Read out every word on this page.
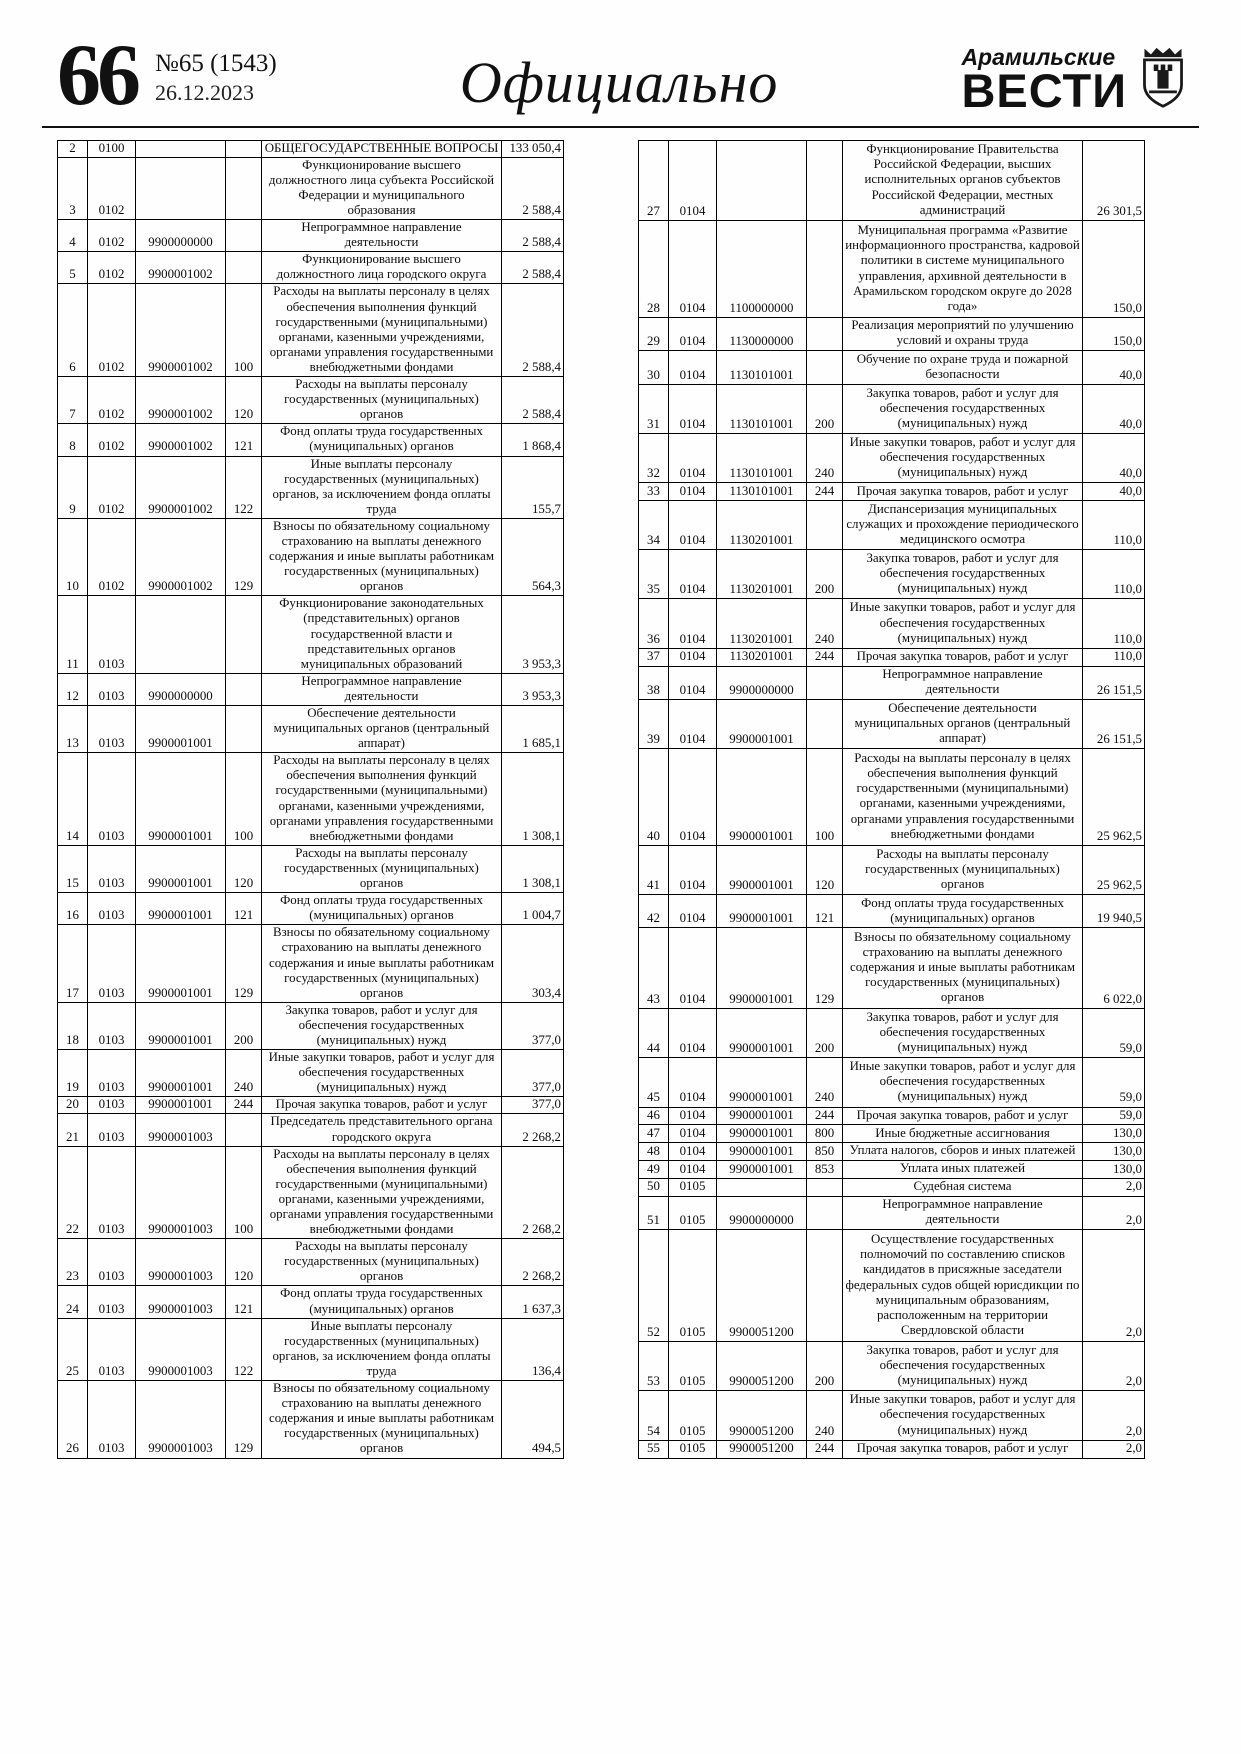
66 №65 (1543)
26.12.2023	Официально	Арамильские
ВЕСТИ
2	0100			ОБЩЕГОСУДАРСТВЕННЫЕ ВОПРОСЫ	133 050,4
3	0102			Функционирование высшего должностного лица субъекта Российской Федерации и муниципального образования	2 588,4
4	0102	9900000000		Непрограммное направление деятельности	2 588,4
5	0102	9900001002		Функционирование высшего должностного лица городского округа	2 588,4
6	0102	9900001002	100	Расходы на выплаты персоналу в целях обеспечения выполнения функций государственными (муниципальными) органами, казенными учреждениями, органами управления государственными внебюджетными фондами	2 588,4
7	0102	9900001002	120	Расходы на выплаты персоналу государственных (муниципальных) органов	2 588,4
8	0102	9900001002	121	Фонд оплаты труда государственных (муниципальных) органов	1 868,4
9	0102	9900001002	122	Иные выплаты персоналу государственных (муниципальных) органов, за исключением фонда оплаты труда	155,7
10	0102	9900001002	129	Взносы по обязательному социальному страхованию на выплаты денежного содержания и иные выплаты работникам государственных (муниципальных) органов	564,3
11	0103			Функционирование законодательных (представительных) органов государственной власти и представительных органов муниципальных образований	3 953,3
12	0103	9900000000		Непрограммное направление деятельности	3 953,3
13	0103	9900001001		Обеспечение деятельности муниципальных органов (центральный аппарат)	1 685,1
14	0103	9900001001	100	Расходы на выплаты персоналу в целях обеспечения выполнения функций государственными (муниципальными) органами, казенными учреждениями, органами управления государственными внебюджетными фондами	1 308,1
15	0103	9900001001	120	Расходы на выплаты персоналу государственных (муниципальных) органов	1 308,1
16	0103	9900001001	121	Фонд оплаты труда государственных (муниципальных) органов	1 004,7
17	0103	9900001001	129	Взносы по обязательному социальному страхованию на выплаты денежного содержания и иные выплаты работникам государственных (муниципальных) органов	303,4
18	0103	9900001001	200	Закупка товаров, работ и услуг для обеспечения государственных (муниципальных) нужд	377,0
19	0103	9900001001	240	Иные закупки товаров, работ и услуг для обеспечения государственных (муниципальных) нужд	377,0
20	0103	9900001001	244	Прочая закупка товаров, работ и услуг	377,0
21	0103	9900001003		Председатель представительного органа городского округа	2 268,2
22	0103	9900001003	100	Расходы на выплаты персоналу в целях обеспечения выполнения функций государственными (муниципальными) органами, казенными учреждениями, органами управления государственными внебюджетными фондами	2 268,2
23	0103	9900001003	120	Расходы на выплаты персоналу государственных (муниципальных) органов	2 268,2
24	0103	9900001003	121	Фонд оплаты труда государственных (муниципальных) органов	1 637,3
25	0103	9900001003	122	Иные выплаты персоналу государственных (муниципальных) органов, за исключением фонда оплаты труда	136,4
26	0103	9900001003	129	Взносы по обязательному социальному страхованию на выплаты денежного содержания и иные выплаты работникам государственных (муниципальных) органов	494,5
27	0104			Функционирование Правительства Российской Федерации, высших исполнительных органов субъектов Российской Федерации, местных администраций	26 301,5
28	0104	1100000000		Муниципальная программа «Развитие информационного пространства, кадровой политики в системе муниципального управления, архивной деятельности в Арамильском городском округе до 2028 года»	150,0
29	0104	1130000000		Реализация мероприятий по улучшению условий и охраны труда	150,0
30	0104	1130101001		Обучение по охране труда и пожарной безопасности	40,0
31	0104	1130101001	200	Закупка товаров, работ и услуг для обеспечения государственных (муниципальных) нужд	40,0
32	0104	1130101001	240	Иные закупки товаров, работ и услуг для обеспечения государственных (муниципальных) нужд	40,0
33	0104	1130101001	244	Прочая закупка товаров, работ и услуг	40,0
34	0104	1130201001		Диспансеризация муниципальных служащих и прохождение периодического медицинского осмотра	110,0
35	0104	1130201001	200	Закупка товаров, работ и услуг для обеспечения государственных (муниципальных) нужд	110,0
36	0104	1130201001	240	Иные закупки товаров, работ и услуг для обеспечения государственных (муниципальных) нужд	110,0
37	0104	1130201001	244	Прочая закупка товаров, работ и услуг	110,0
38	0104	9900000000		Непрограммное направление деятельности	26 151,5
39	0104	9900001001		Обеспечение деятельности муниципальных органов (центральный аппарат)	26 151,5
40	0104	9900001001	100	Расходы на выплаты персоналу в целях обеспечения выполнения функций государственными (муниципальными) органами, казенными учреждениями, органами управления государственными внебюджетными фондами	25 962,5
41	0104	9900001001	120	Расходы на выплаты персоналу государственных (муниципальных) органов	25 962,5
42	0104	9900001001	121	Фонд оплаты труда государственных (муниципальных) органов	19 940,5
43	0104	9900001001	129	Взносы по обязательному социальному страхованию на выплаты денежного содержания и иные выплаты работникам государственных (муниципальных) органов	6 022,0
44	0104	9900001001	200	Закупка товаров, работ и услуг для обеспечения государственных (муниципальных) нужд	59,0
45	0104	9900001001	240	Иные закупки товаров, работ и услуг для обеспечения государственных (муниципальных) нужд	59,0
46	0104	9900001001	244	Прочая закупка товаров, работ и услуг	59,0
47	0104	9900001001	800	Иные бюджетные ассигнования	130,0
48	0104	9900001001	850	Уплата налогов, сборов и иных платежей	130,0
49	0104	9900001001	853	Уплата иных платежей	130,0
50	0105			Судебная система	2,0
51	0105	9900000000		Непрограммное направление деятельности	2,0
52	0105	9900051200		Осуществление государственных полномочий по составлению списков кандидатов в присяжные заседатели федеральных судов общей юрисдикции по муниципальным образованиям, расположенным на территории Свердловской области	2,0
53	0105	9900051200	200	Закупка товаров, работ и услуг для обеспечения государственных (муниципальных) нужд	2,0
54	0105	9900051200	240	Иные закупки товаров, работ и услуг для обеспечения государственных (муниципальных) нужд	2,0
55	0105	9900051200	244	Прочая закупка товаров, работ и услуг	2,0
